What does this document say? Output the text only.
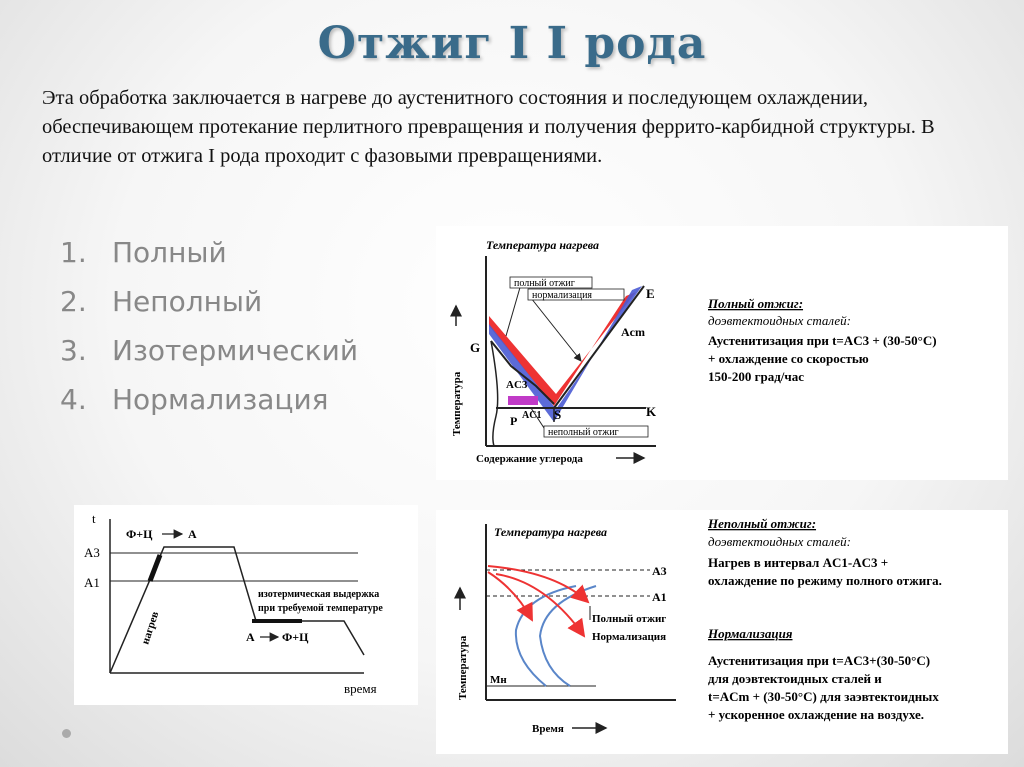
Отжиг I I рода
Эта обработка заключается в нагреве до аустенитного состояния и последующем охлаждении, обеспечивающем протекание перлитного превращения и получения феррито-карбидной структуры. В отличие от отжига I рода проходит с фазовыми превращениями.
1. Полный
2. Неполный
3. Изотермический
4. Нормализация
Температура нагрева
Температура
Содержание углерода
полный отжиг
нормализация
неполный отжиг
G
E
S	K
P
Acm
AC3
AC1
Полный отжиг:
доэвтектоидных сталей:
Аустенитизация при t=AC3 + (30-50°C)
+ охлаждение со скоростью
150-200 град/час
t
время
A3
A1
нагрев
Ф+Ц	A
изотермическая выдержка
при требуемой температуре
A Ф+Ц
Температура нагрева
Температура
Время
A3
A1
Mн
Полный отжиг
Нормализация
Неполный отжиг:
доэвтектоидных сталей:
Нагрев в интервал AC1-AC3 +
охлаждение по режиму полного отжига.
Нормализация
Аустенитизация при t=AC3+(30-50°C)
для доэвтектоидных сталей и
t=ACm + (30-50°C) для заэвтектоидных
+ ускоренное охлаждение на воздухе.
